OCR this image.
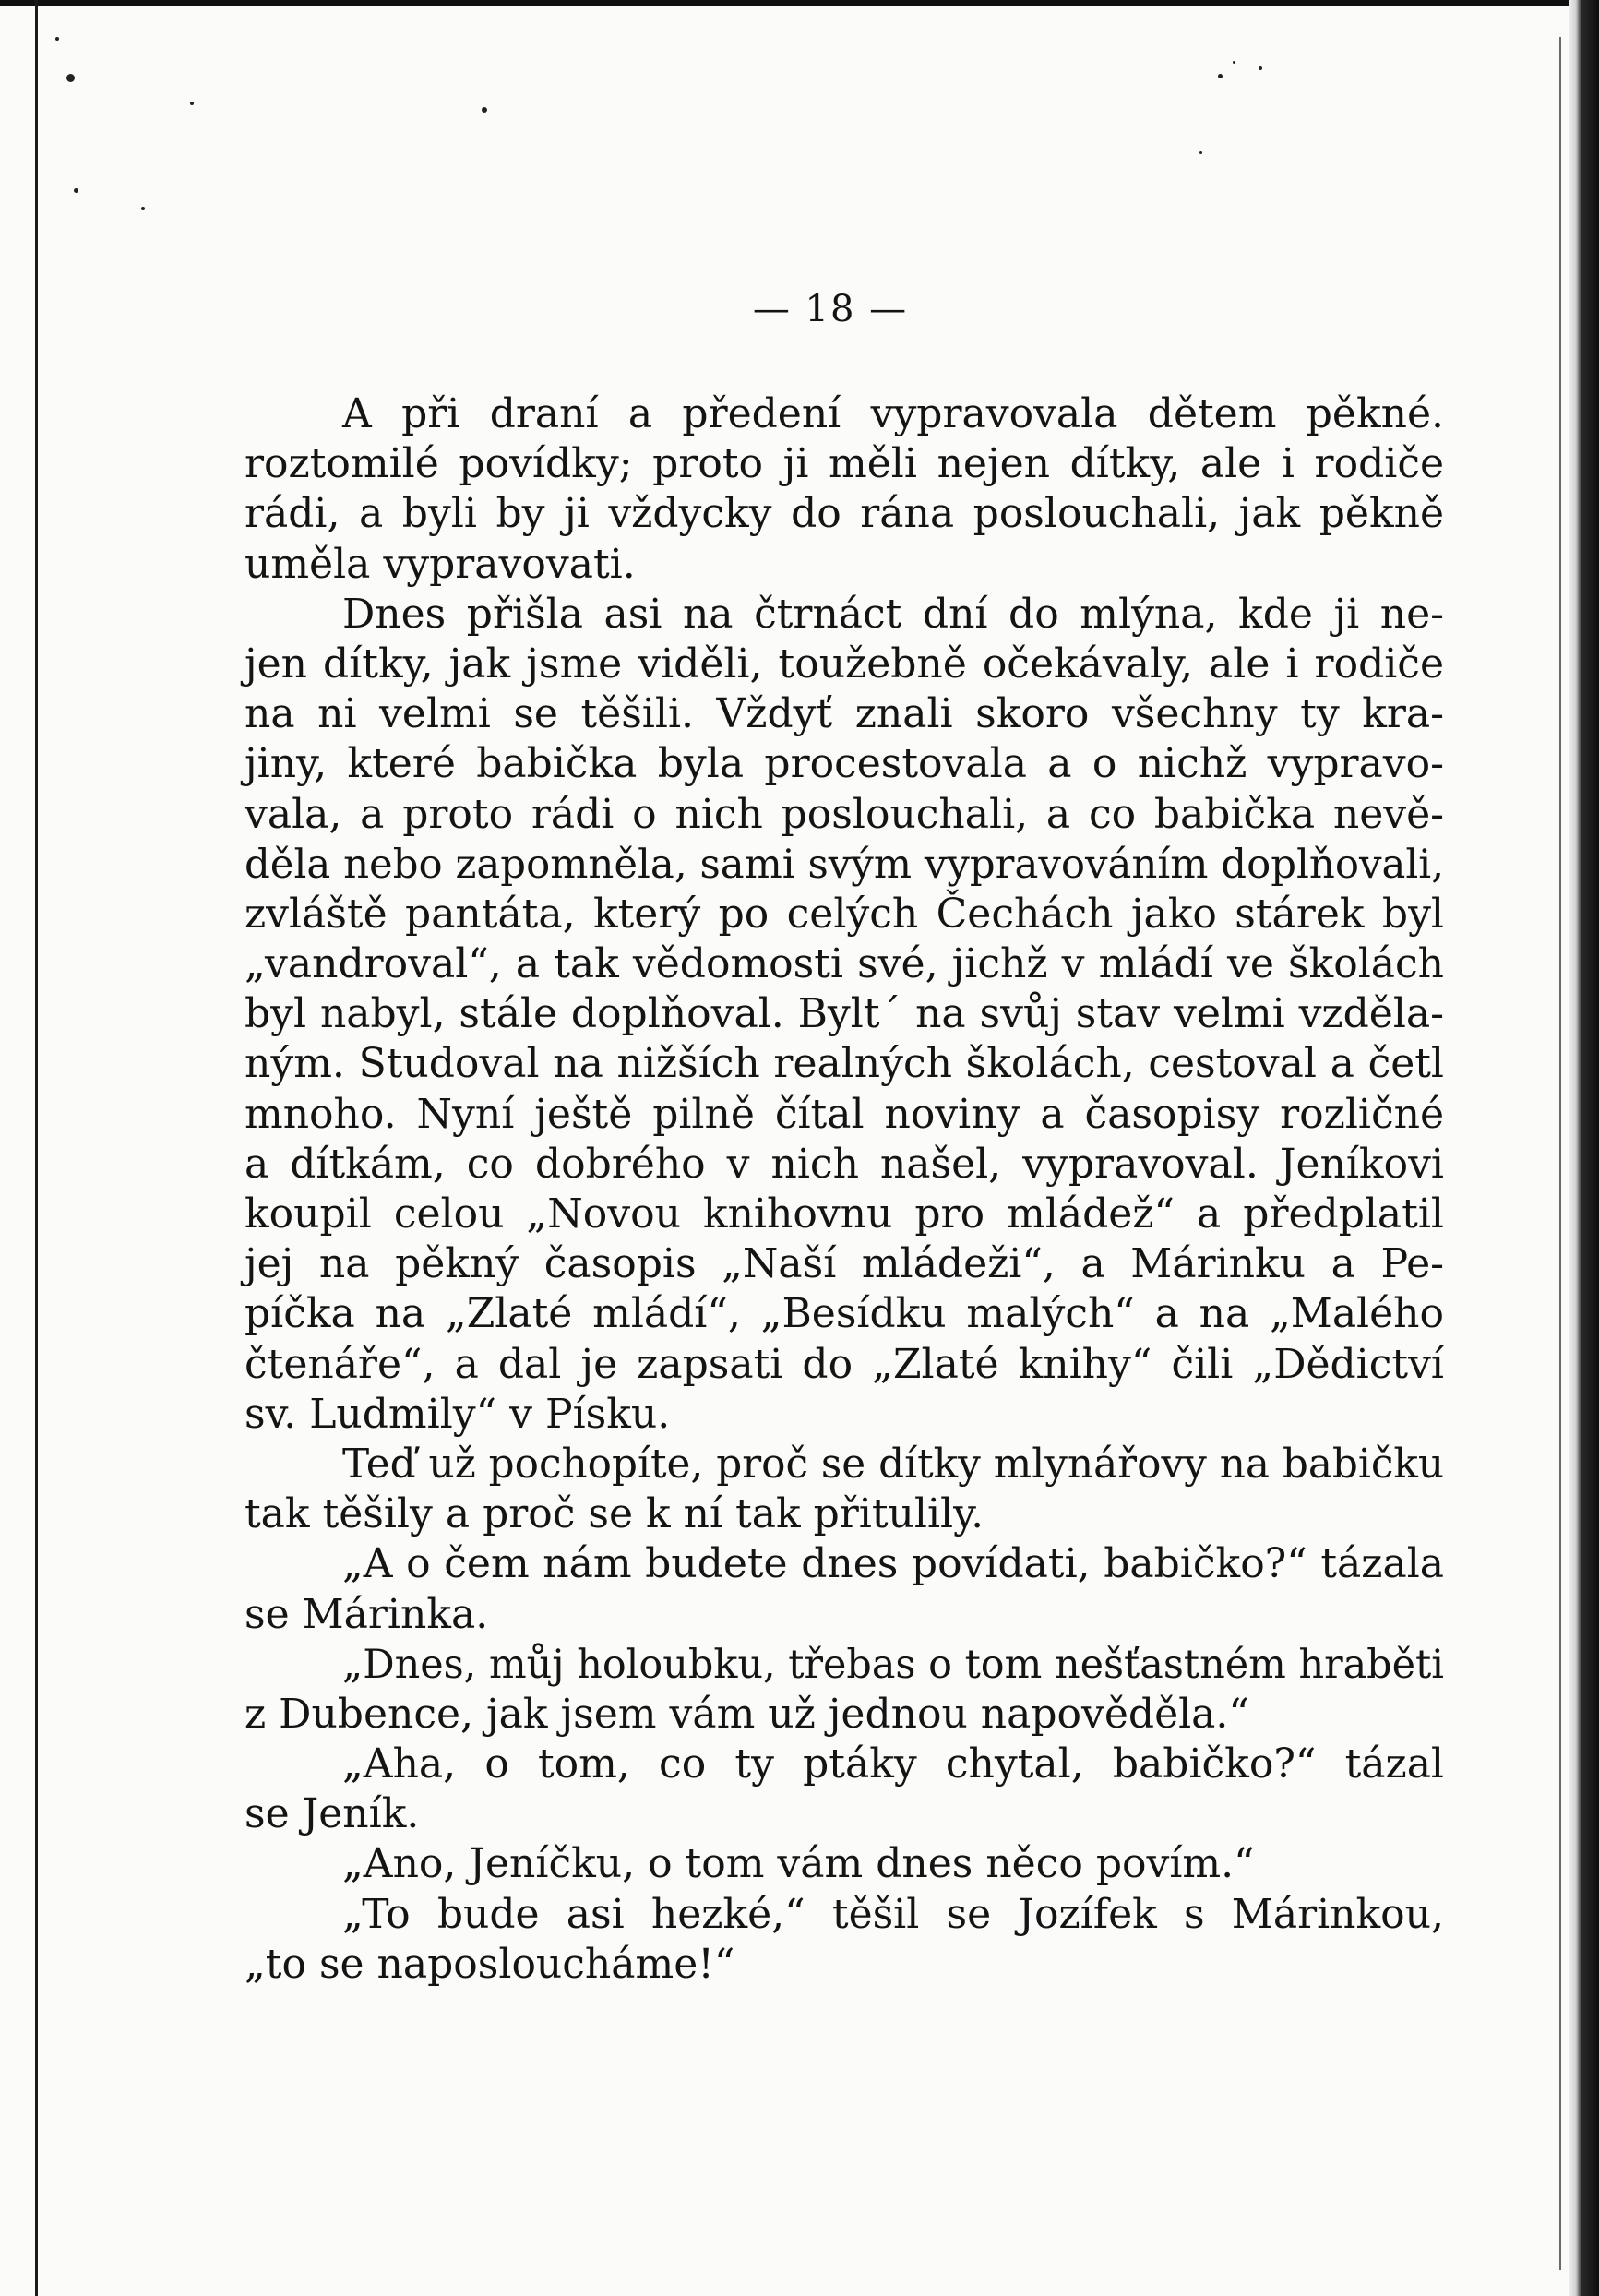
— 18 —
A při draní a předení vypravovala dětem pěkné.
roztomilé povídky; proto ji měli nejen dítky, ale i rodiče
rádi, a byli by ji vždycky do rána poslouchali, jak pěkně
uměla vypravovati.
Dnes přišla asi na čtrnáct dní do mlýna, kde ji ne-
jen dítky, jak jsme viděli, toužebně očekávaly, ale i rodiče
na ni velmi se těšili. Vždyť znali skoro všechny ty kra-
jiny, které babička byla procestovala a o nichž vypravo-
vala, a proto rádi o nich poslouchali, a co babička nevě-
děla nebo zapomněla, sami svým vypravováním doplňovali,
zvláště pantáta, který po celých Čechách jako stárek byl
„vandroval“, a tak vědomosti své, jichž v mládí ve školách
byl nabyl, stále doplňoval. Byltˊ na svůj stav velmi vzděla-
ným. Studoval na nižších realných školách, cestoval a četl
mnoho. Nyní ještě pilně čítal noviny a časopisy rozličné
a dítkám, co dobrého v nich našel, vypravoval. Jeníkovi
koupil celou „Novou knihovnu pro mládež“ a předplatil
jej na pěkný časopis „Naší mládeži“, a Márinku a Pe-
píčka na „Zlaté mládí“, „Besídku malých“ a na „Malého
čtenáře“, a dal je zapsati do „Zlaté knihy“ čili „Dědictví
sv. Ludmily“ v Písku.
Teď už pochopíte, proč se dítky mlynářovy na babičku
tak těšily a proč se k ní tak přitulily.
„A o čem nám budete dnes povídati, babičko?“ tázala
se Márinka.
„Dnes, můj holoubku, třebas o tom nešťastném hraběti
z Dubence, jak jsem vám už jednou napověděla.“
„Aha, o tom, co ty ptáky chytal, babičko?“ tázal
se Jeník.
„Ano, Jeníčku, o tom vám dnes něco povím.“
„To bude asi hezké,“ těšil se Jozífek s Márinkou,
„to se naposloucháme!“
